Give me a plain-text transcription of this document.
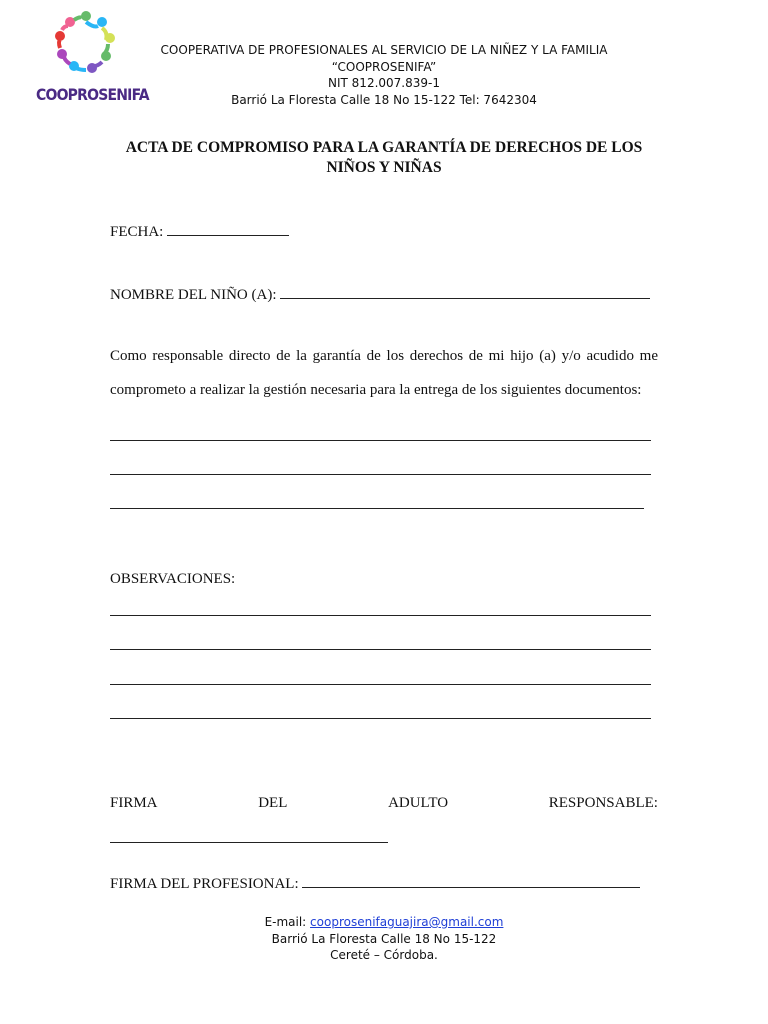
COOPROSENIFA
COOPERATIVA DE PROFESIONALES AL SERVICIO DE LA NIÑEZ Y LA FAMILIA
“COOPROSENIFA”
NIT 812.007.839-1
Barrió La Floresta Calle 18 No 15-122 Tel: 7642304
ACTA DE COMPROMISO PARA LA GARANTÍA DE DERECHOS DE LOS
NIÑOS Y NIÑAS
FECHA:
NOMBRE DEL NIÑO (A):
Como responsable directo de la garantía de los derechos de mi hijo (a) y/o acudido me
comprometo a realizar la gestión necesaria para la entrega de los siguientes documentos:
OBSERVACIONES:
FIRMA	DEL	ADULTO	RESPONSABLE:
FIRMA DEL PROFESIONAL:
E-mail: cooprosenifaguajira@gmail.com
Barrió La Floresta Calle 18 No 15-122
Cereté – Córdoba.
